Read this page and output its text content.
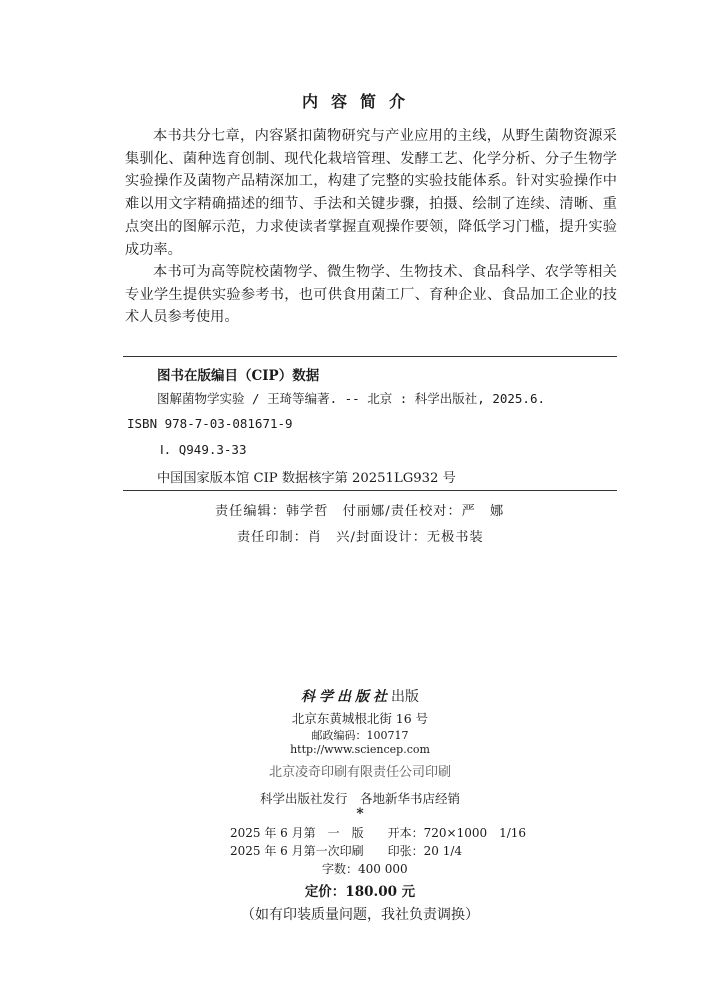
内容简介

本书共分七章，内容紧扣菌物研究与产业应用的主线，从野生菌物资源采集驯化、菌种选育创制、现代化栽培管理、发酵工艺、化学分析、分子生物学实验操作及菌物产品精深加工，构建了完整的实验技能体系。针对实验操作中难以用文字精确描述的细节、手法和关键步骤，拍摄、绘制了连续、清晰、重点突出的图解示范，力求使读者掌握直观操作要领，降低学习门槛，提升实验成功率。

本书可为高等院校菌物学、微生物学、生物技术、食品科学、农学等相关专业学生提供实验参考书，也可供食用菌工厂、育种企业、食品加工企业的技术人员参考使用。

图书在版编目（CIP）数据
图解菌物学实验 / 王琦等编著. -- 北京 : 科学出版社, 2025.6.
ISBN 978-7-03-081671-9
Ⅰ. Q949.3-33
中国国家版本馆 CIP 数据核字第 20251LG932 号
责任编辑：韩学哲　付丽娜/责任校对：严　娜
责任印制：肖　兴/封面设计：无极书装
科学出版社出版
北京东黄城根北街 16 号
邮政编码：100717
http://www.sciencep.com
北京凌奇印刷有限责任公司印刷
科学出版社发行　各地新华书店经销
*
2025 年 6 月第　一　版　　开本：720×1000　1/16
2025 年 6 月第一次印刷　　印张：20 1/4
字数：400 000
定价：180.00 元
（如有印装质量问题，我社负责调换）
